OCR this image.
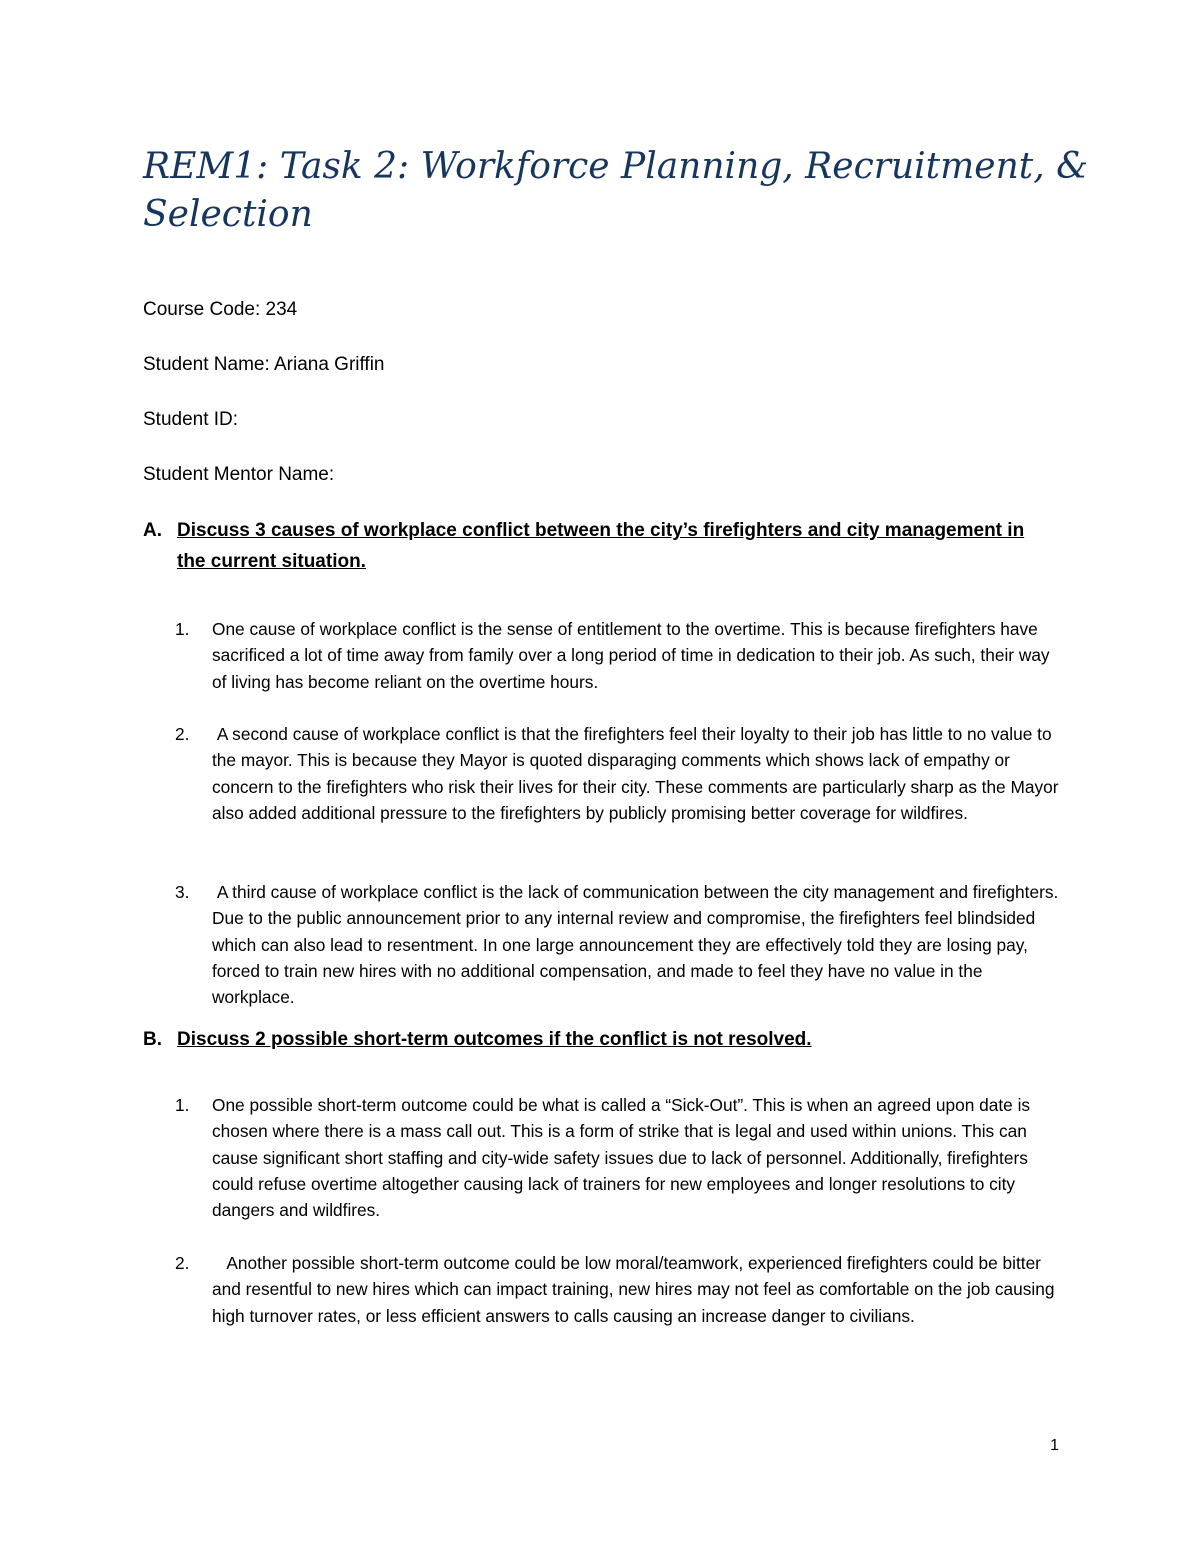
REM1: Task 2: Workforce Planning, Recruitment, & Selection

Course Code: 234

Student Name: Ariana Griffin

Student ID:

Student Mentor Name:

A. Discuss 3 causes of workplace conflict between the city’s firefighters and city management in the current situation.
1.	One cause of workplace conflict is the sense of entitlement to the overtime. This is because firefighters have sacrificed a lot of time away from family over a long period of time in dedication to their job. As such, their way of living has become reliant on the overtime hours.
2.	A second cause of workplace conflict is that the firefighters feel their loyalty to their job has little to no value to the mayor. This is because they Mayor is quoted disparaging comments which shows lack of empathy or concern to the firefighters who risk their lives for their city. These comments are particularly sharp as the Mayor also added additional pressure to the firefighters by publicly promising better coverage for wildfires.
3.	A third cause of workplace conflict is the lack of communication between the city management and firefighters. Due to the public announcement prior to any internal review and compromise, the firefighters feel blindsided which can also lead to resentment. In one large announcement they are effectively told they are losing pay, forced to train new hires with no additional compensation, and made to feel they have no value in the workplace.
B. Discuss 2 possible short-term outcomes if the conflict is not resolved.
1.	One possible short-term outcome could be what is called a “Sick-Out”. This is when an agreed upon date is chosen where there is a mass call out. This is a form of strike that is legal and used within unions. This can cause significant short staffing and city-wide safety issues due to lack of personnel. Additionally, firefighters could refuse overtime altogether causing lack of trainers for new employees and longer resolutions to city dangers and wildfires.
2.	Another possible short-term outcome could be low moral/teamwork, experienced firefighters could be bitter and resentful to new hires which can impact training, new hires may not feel as comfortable on the job causing high turnover rates, or less efficient answers to calls causing an increase danger to civilians.
1
